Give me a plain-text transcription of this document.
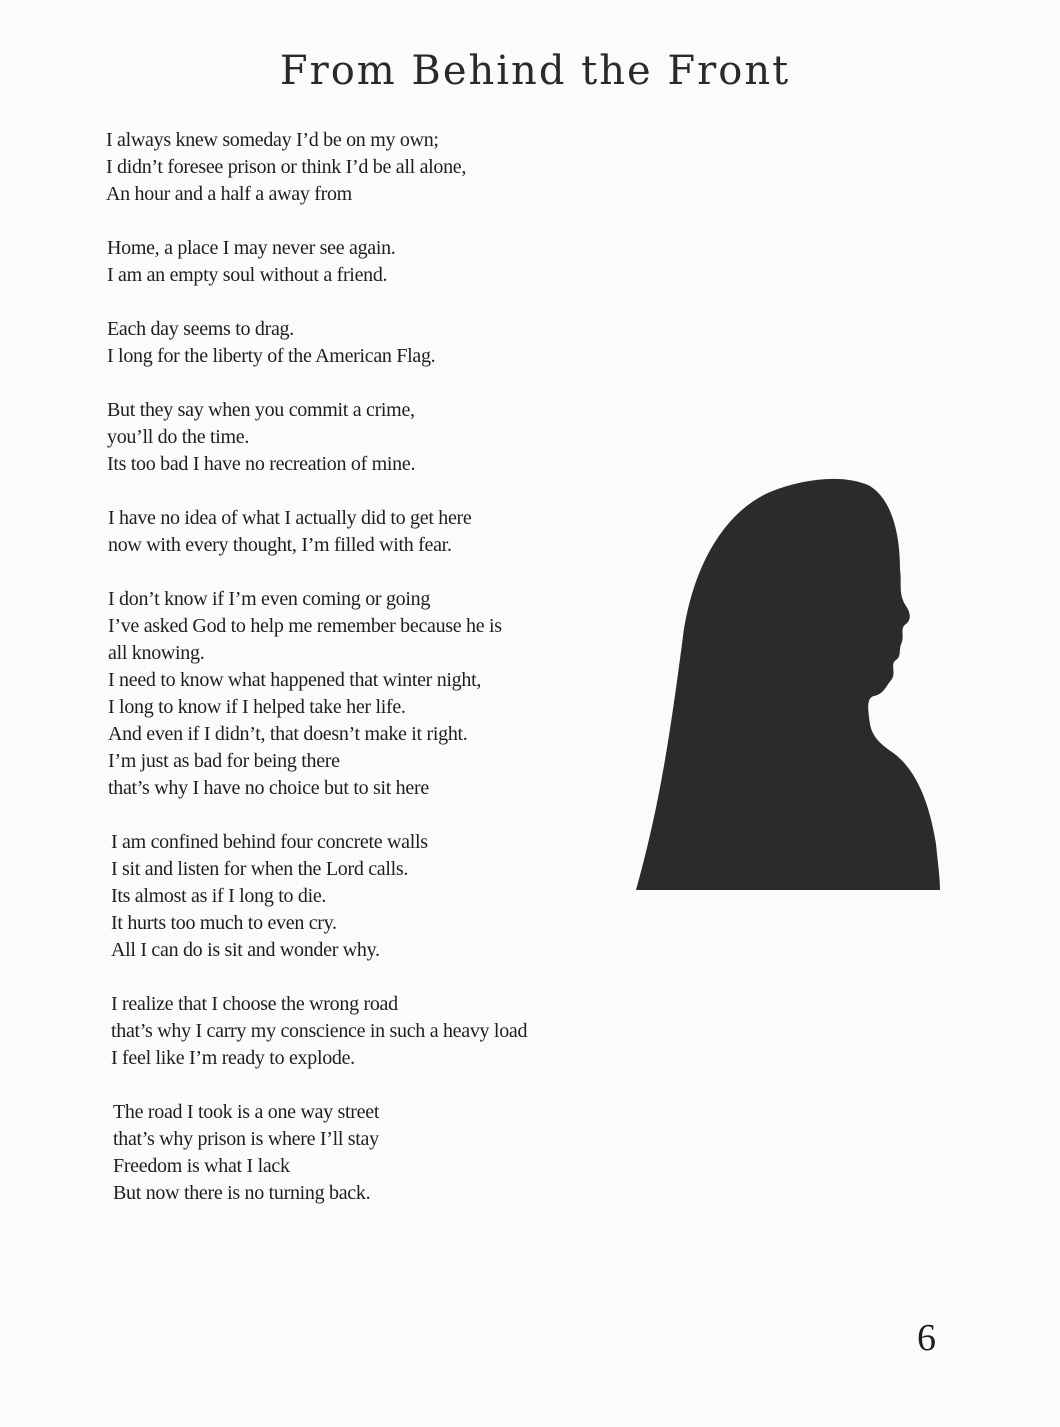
From Behind the Front
I always knew someday I’d be on my own;
I didn’t foresee prison or think I’d be all alone,
An hour and a half a away from
Home, a place I may never see again.
I am an empty soul without a friend.
Each day seems to drag.
I long for the liberty of the American Flag.
But they say when you commit a crime,
you’ll do the time.
Its too bad I have no recreation of mine.
I have no idea of what I actually did to get here
now with every thought, I’m filled with fear.
I don’t know if I’m even coming or going
I’ve asked God to help me remember because he is
all knowing.
I need to know what happened that winter night,
I long to know if I helped take her life.
And even if I didn’t, that doesn’t make it right.
I’m just as bad for being there
that’s why I have no choice but to sit here
I am confined behind four concrete walls
I sit and listen for when the Lord calls.
Its almost as if I long to die.
It hurts too much to even cry.
All I can do is sit and wonder why.
I realize that I choose the wrong road
that’s why I carry my conscience in such a heavy load
I feel like I’m ready to explode.
The road I took is a one way street
that’s why prison is where I’ll stay
Freedom is what I lack
But now there is no turning back.
6
